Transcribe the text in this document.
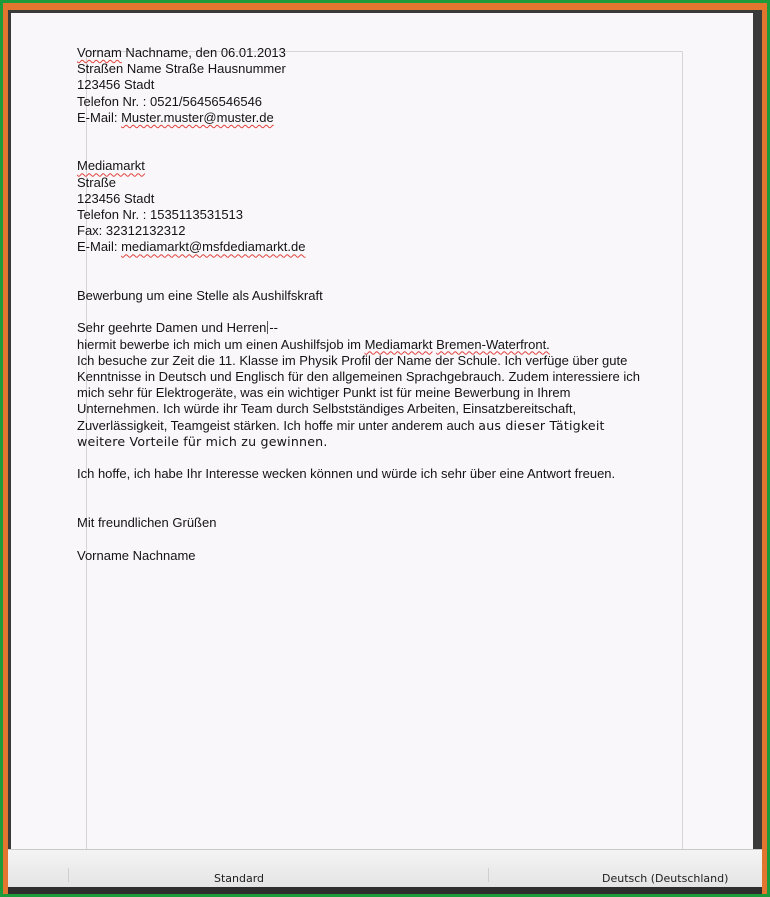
Vornam Nachname, den 06.01.2013
Straßen Name Straße Hausnummer
123456 Stadt
Telefon Nr. : 0521/56456546546
E-Mail: Muster.muster@muster.de
Mediamarkt
Straße
123456 Stadt
Telefon Nr. : 1535113531513
Fax: 32312132312
E-Mail: mediamarkt@msfdediamarkt.de
Bewerbung um eine Stelle als Aushilfskraft
Sehr geehrte Damen und Herren --
hiermit bewerbe ich mich um einen Aushilfsjob im Mediamarkt Bremen-Waterfront.
Ich besuche zur Zeit die 11. Klasse im Physik Profil der Name der Schule. Ich verfüge über gute
Kenntnisse in Deutsch und Englisch für den allgemeinen Sprachgebrauch. Zudem interessiere ich
mich sehr für Elektrogeräte, was ein wichtiger Punkt ist für meine Bewerbung in Ihrem
Unternehmen. Ich würde ihr Team durch Selbstständiges Arbeiten, Einsatzbereitschaft,
Zuverlässigkeit, Teamgeist stärken. Ich hoffe mir unter anderem auch aus dieser Tätigkeit
weitere Vorteile für mich zu gewinnen.
Ich hoffe, ich habe Ihr Interesse wecken können und würde ich sehr über eine Antwort freuen.
Mit freundlichen Grüßen
Vorname Nachname
Standard	Deutsch (Deutschland)
